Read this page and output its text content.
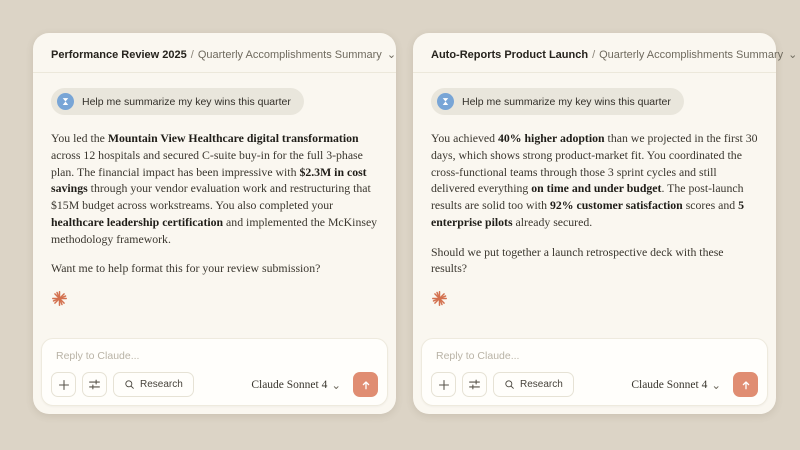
Performance Review 2025 / Quarterly Accomplishments Summary ⌄
Help me summarize my key wins this quarter

You led the Mountain View Healthcare digital transformation across 12 hospitals and secured C-suite buy-in for the full 3-phase plan. The financial impact has been impressive with $2.3M in cost savings through your vendor evaluation work and restructuring that $15M budget across workstreams. You also completed your healthcare leadership certification and implemented the McKinsey methodology framework.

Want me to help format this for your review submission?

Reply to Claude...
Research	Claude Sonnet 4 ⌄
Auto-Reports Product Launch / Quarterly Accomplishments Summary ⌄
Help me summarize my key wins this quarter

You achieved 40% higher adoption than we projected in the first 30 days, which shows strong product-market fit. You coordinated the cross-functional teams through those 3 sprint cycles and still delivered everything on time and under budget. The post-launch results are solid too with 92% customer satisfaction scores and 5 enterprise pilots already secured.

Should we put together a launch retrospective deck with these results?

Reply to Claude...
Research	Claude Sonnet 4 ⌄
